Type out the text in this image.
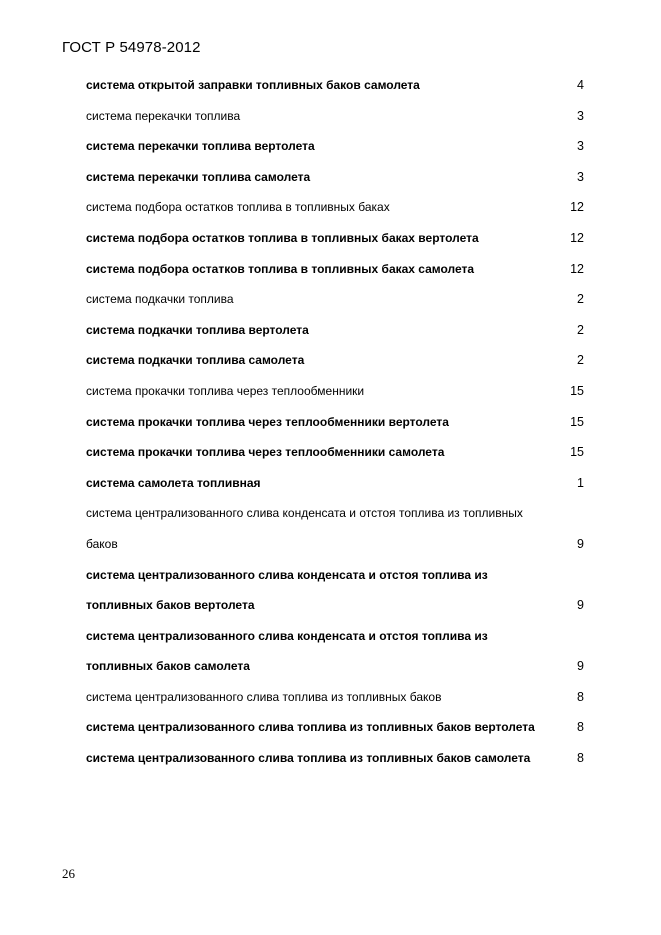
ГОСТ Р 54978-2012
система открытой заправки топливных баков самолета	4
система перекачки топлива	3
система перекачки топлива вертолета	3
система перекачки топлива самолета	3
система подбора остатков топлива в топливных баках	12
система подбора остатков топлива в топливных баках вертолета	12
система подбора остатков топлива в топливных баках самолета	12
система подкачки топлива	2
система подкачки топлива вертолета	2
система подкачки топлива самолета	2
система прокачки топлива через теплообменники	15
система прокачки топлива через теплообменники вертолета	15
система прокачки топлива через теплообменники самолета	15
система самолета топливная	1
система централизованного слива конденсата и отстоя топлива из топливных баков	9
система централизованного слива конденсата и отстоя топлива из топливных баков вертолета	9
система централизованного слива конденсата и отстоя топлива из топливных баков самолета	9
система централизованного слива топлива из топливных баков	8
система централизованного слива топлива из топливных баков вертолета	8
система централизованного слива топлива из топливных баков самолета	8
26
